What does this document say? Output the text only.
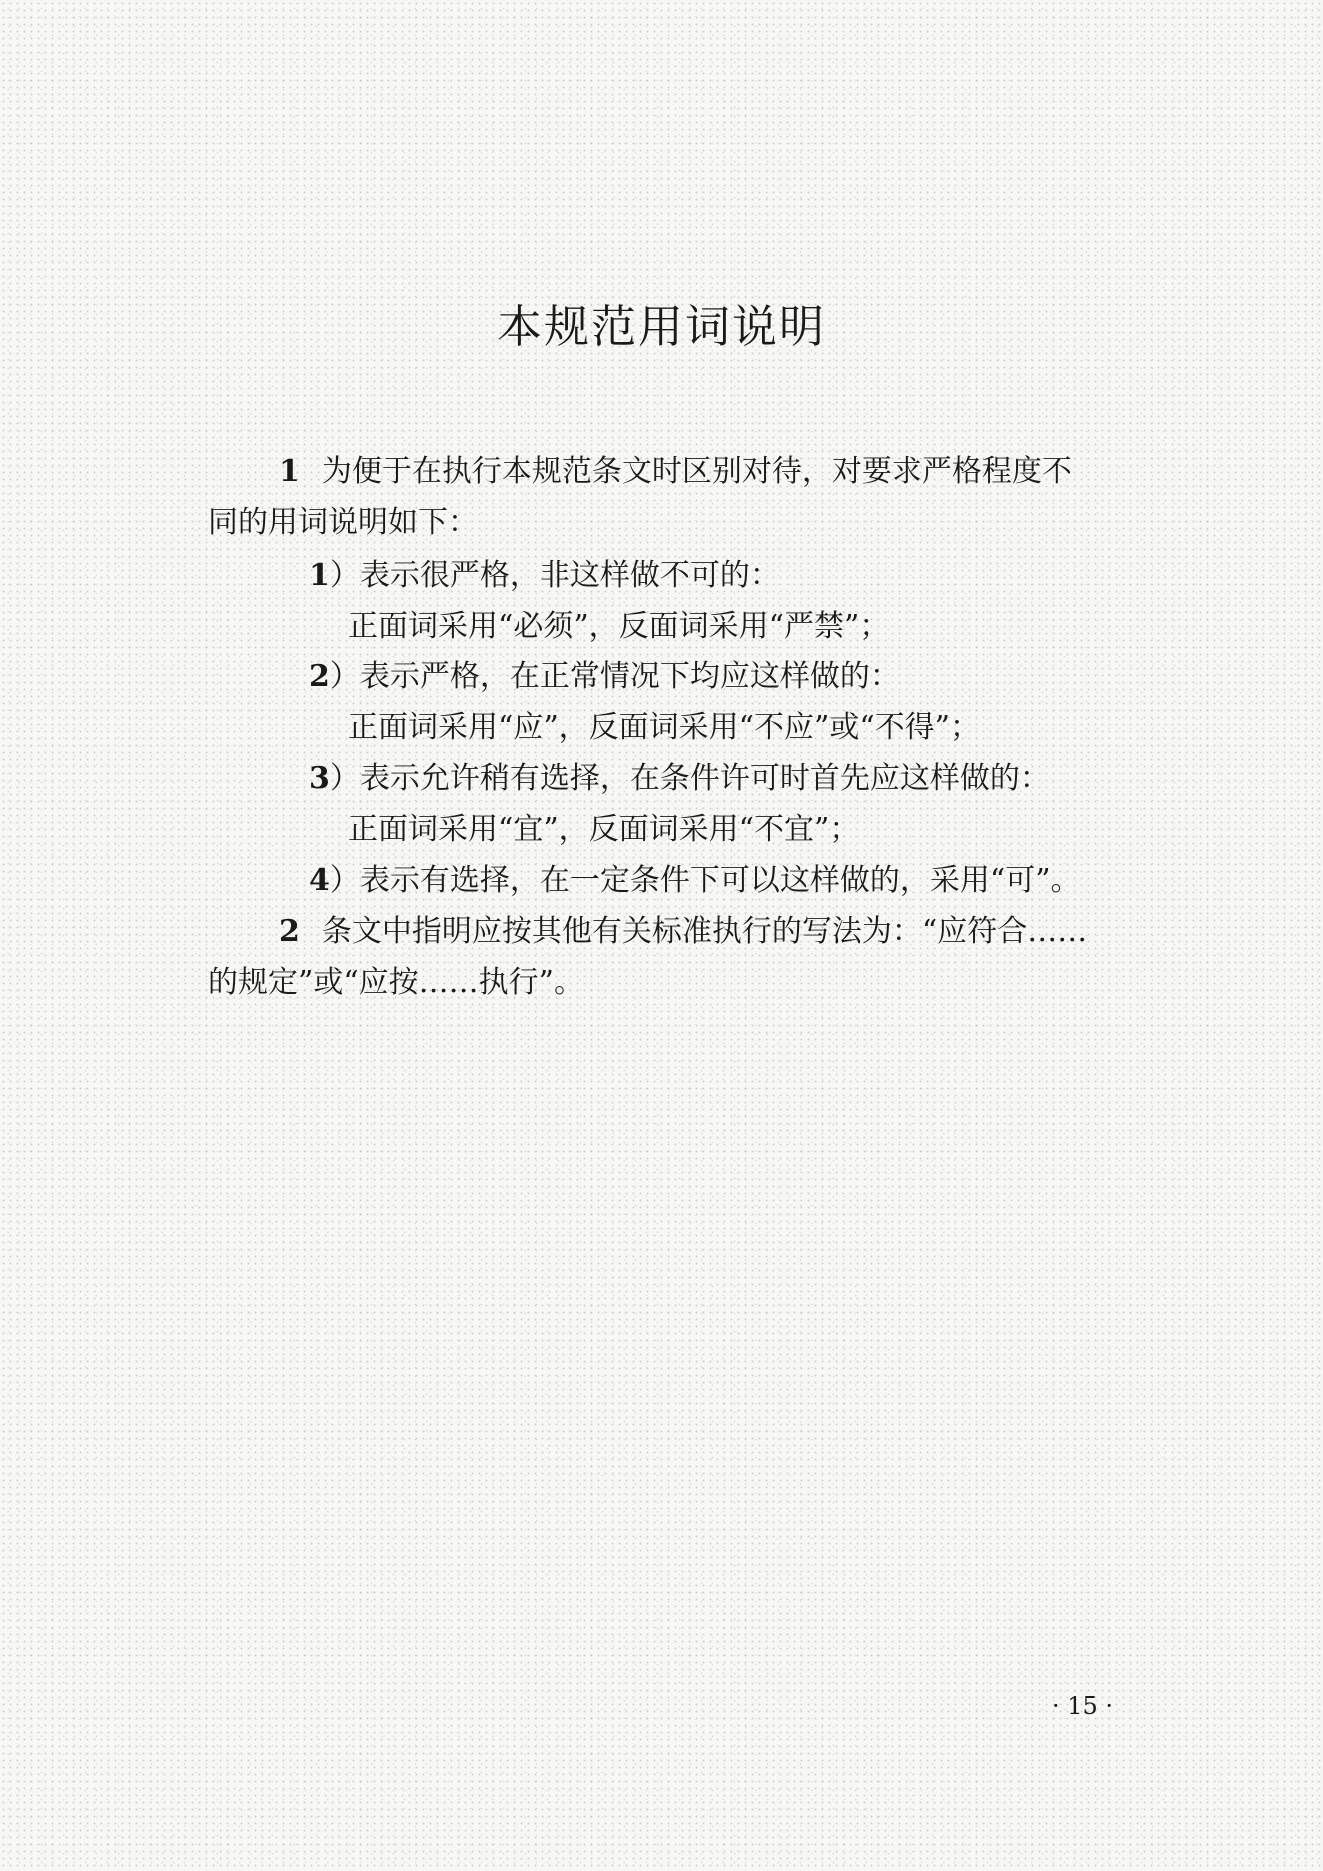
本规范用词说明
1 为便于在执行本规范条文时区别对待，对要求严格程度不
同的用词说明如下：
1）表示很严格，非这样做不可的：
正面词采用“必须”，反面词采用“严禁”；
2）表示严格，在正常情况下均应这样做的：
正面词采用“应”，反面词采用“不应”或“不得”；
3）表示允许稍有选择，在条件许可时首先应这样做的：
正面词采用“宜”，反面词采用“不宜”；
4）表示有选择，在一定条件下可以这样做的，采用“可”。
2 条文中指明应按其他有关标准执行的写法为：“应符合……
的规定”或“应按……执行”。
· 15 ·
